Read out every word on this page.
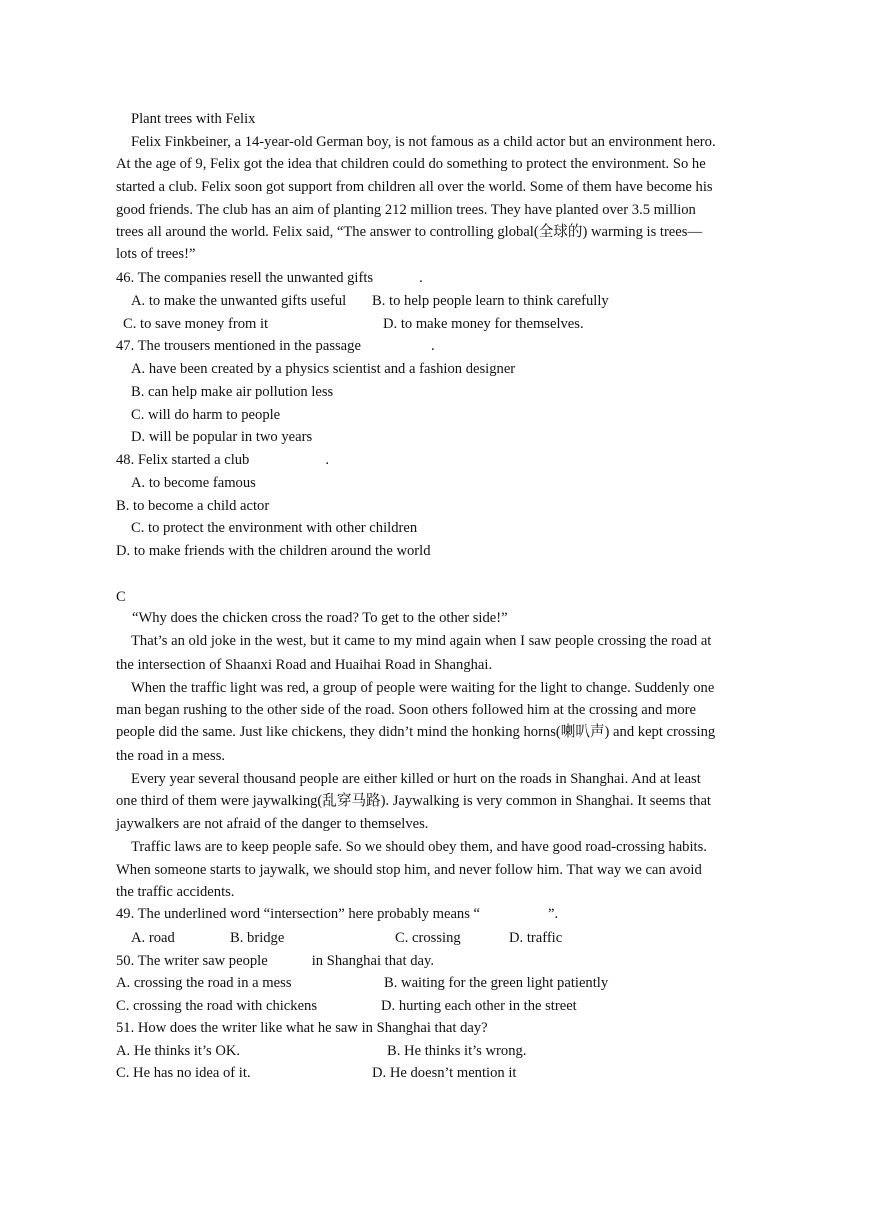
Plant trees with Felix
Felix Finkbeiner, a 14-year-old German boy, is not famous as a child actor but an environment hero.
At the age of 9, Felix got the idea that children could do something to protect the environment. So he
started a club. Felix soon got support from children all over the world. Some of them have become his
good friends. The club has an aim of planting 212 million trees. They have planted over 3.5 million
trees all around the world. Felix said, “The answer to controlling global(全球的) warming is trees—
lots of trees!”
46. The companies resell the unwanted gifts	.
A. to make the unwanted gifts useful B. to help people learn to think carefully
C. to save money from it	D. to make money for themselves.
47. The trousers mentioned in the passage	.
A. have been created by a physics scientist and a fashion designer
B. can help make air pollution less
C. will do harm to people
D. will be popular in two years
48. Felix started a club	.
A. to become famous
B. to become a child actor
C. to protect the environment with other children
D. to make friends with the children around the world
C
“Why does the chicken cross the road? To get to the other side!”
That’s an old joke in the west, but it came to my mind again when I saw people crossing the road at
the intersection of Shaanxi Road and Huaihai Road in Shanghai.
When the traffic light was red, a group of people were waiting for the light to change. Suddenly one
man began rushing to the other side of the road. Soon others followed him at the crossing and more
people did the same. Just like chickens, they didn’t mind the honking horns(喇叭声) and kept crossing
the road in a mess.
Every year several thousand people are either killed or hurt on the roads in Shanghai. And at least
one third of them were jaywalking(乱穿马路). Jaywalking is very common in Shanghai. It seems that
jaywalkers are not afraid of the danger to themselves.
Traffic laws are to keep people safe. So we should obey them, and have good road-crossing habits.
When someone starts to jaywalk, we should stop him, and never follow him. That way we can avoid
the traffic accidents.
49. The underlined word “intersection” here probably means “	”.
A. road	B. bridge	C. crossing	D. traffic
50. The writer saw people	in Shanghai that day.
A. crossing the road in a mess	B. waiting for the green light patiently
C. crossing the road with chickens	D. hurting each other in the street
51. How does the writer like what he saw in Shanghai that day?
A. He thinks it’s OK.	B. He thinks it’s wrong.
C. He has no idea of it.	D. He doesn’t mention it
